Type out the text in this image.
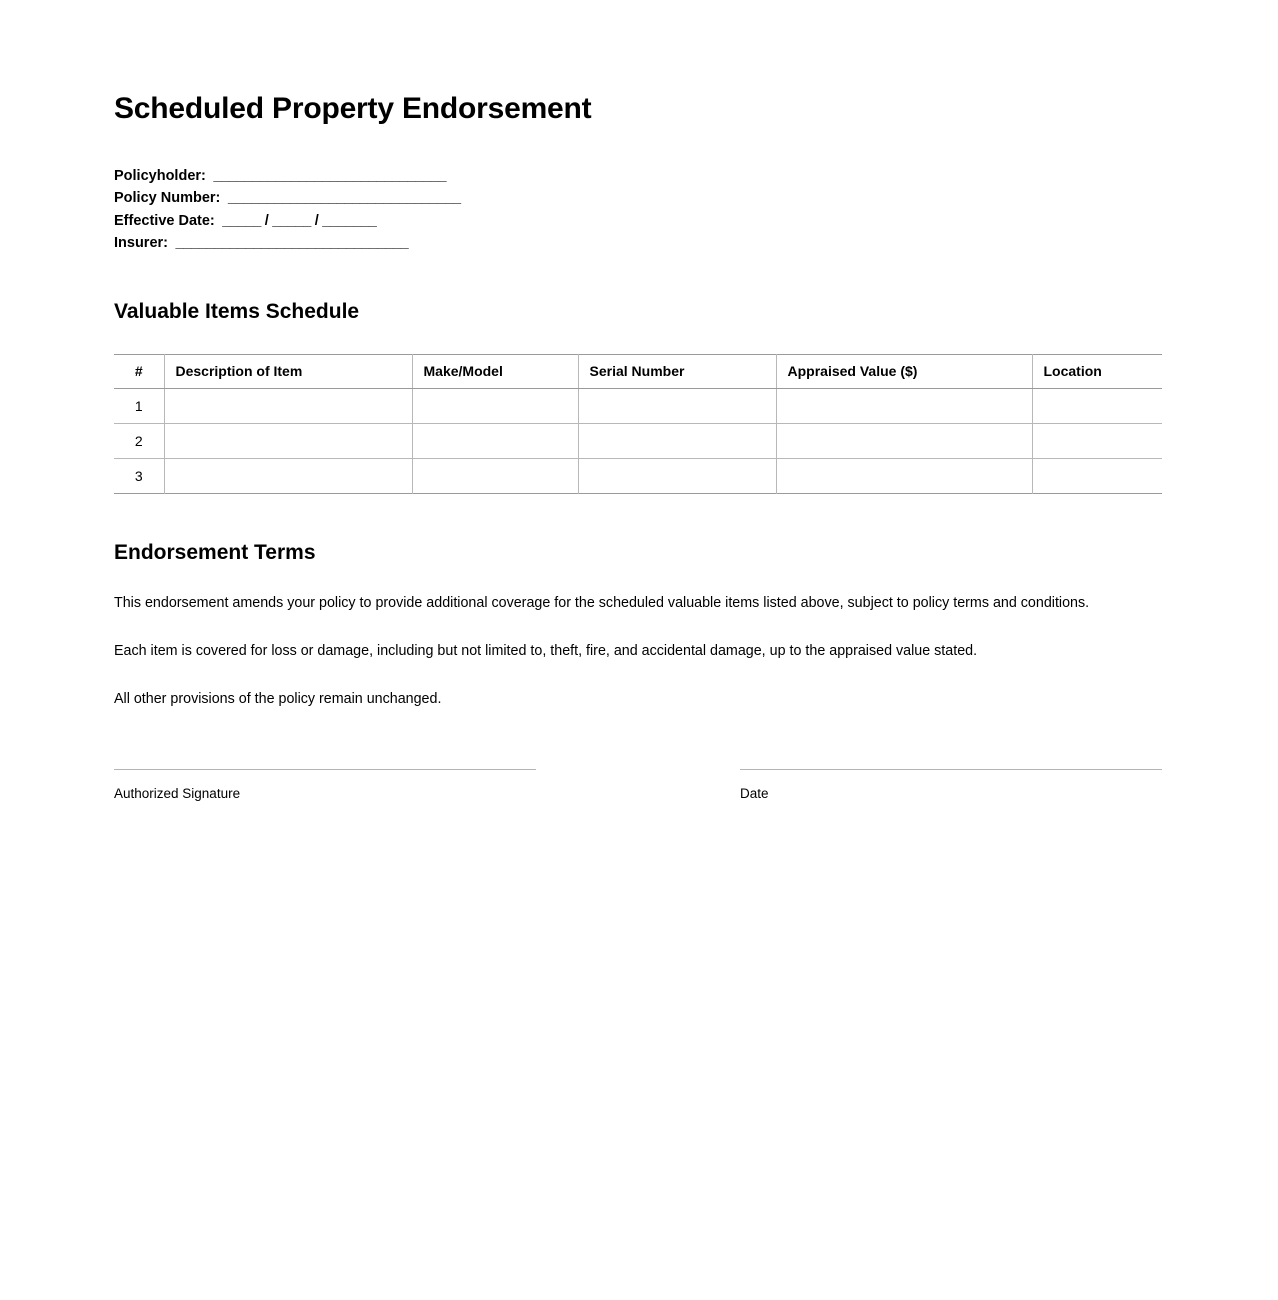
Scheduled Property Endorsement
Policyholder:  ______________________________
Policy Number:  ______________________________
Effective Date:  _____ / _____ / _______
Insurer:  ______________________________
Valuable Items Schedule
#	Description of Item	Make/Model	Serial Number	Appraised Value ($)	Location
1					
2					
3					
Endorsement Terms

This endorsement amends your policy to provide additional coverage for the scheduled valuable items listed above, subject to policy terms and conditions.

Each item is covered for loss or damage, including but not limited to, theft, fire, and accidental damage, up to the appraised value stated.

All other provisions of the policy remain unchanged.

Authorized Signature	Date
